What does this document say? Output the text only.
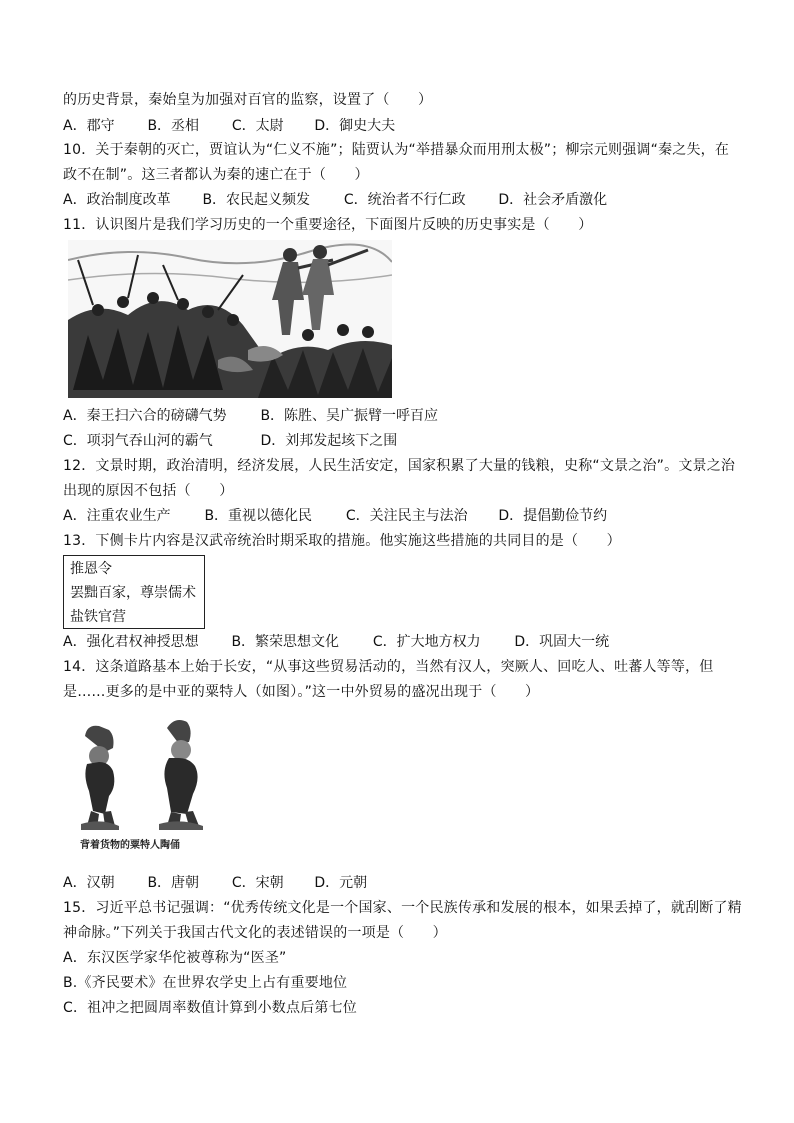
的历史背景，秦始皇为加强对百官的监察，设置了（　　）
A．郡守 B．丞相 C．太尉 D．御史大夫
10．关于秦朝的灭亡，贾谊认为“仁义不施”；陆贾认为“举措暴众而用刑太极”；柳宗元则强调“秦之失，在
政不在制”。这三者都认为秦的速亡在于（　　）
A．政治制度改革 B．农民起义频发 C．统治者不行仁政 D．社会矛盾激化
11．认识图片是我们学习历史的一个重要途径，下面图片反映的历史事实是（　　）
A．秦王扫六合的磅礴气势 B．陈胜、吴广振臂一呼百应
C．项羽气吞山河的霸气	D．刘邦发起垓下之围
12．文景时期，政治清明，经济发展，人民生活安定，国家积累了大量的钱粮，史称“文景之治”。文景之治
出现的原因不包括（　　）
A．注重农业生产 B．重视以德化民 C．关注民主与法治 D．提倡勤俭节约
13．下侧卡片内容是汉武帝统治时期采取的措施。他实施这些措施的共同目的是（　　）
推恩令
罢黜百家，尊崇儒术
盐铁官营
A．强化君权神授思想 B．繁荣思想文化 C．扩大地方权力 D．巩固大一统
14．这条道路基本上始于长安，“从事这些贸易活动的，当然有汉人，突厥人、回吃人、吐蕃人等等，但
是……更多的是中亚的粟特人（如图）。”这一中外贸易的盛况出现于（　　）
背着货物的粟特人陶俑
A．汉朝 B．唐朝 C．宋朝 D．元朝
15．习近平总书记强调：“优秀传统文化是一个国家、一个民族传承和发展的根本，如果丢掉了，就刮断了精
神命脉。”下列关于我国古代文化的表述错误的一项是（　　）
A．东汉医学家华佗被尊称为“医圣”
B.《齐民要术》在世界农学史上占有重要地位
C．祖冲之把圆周率数值计算到小数点后第七位
